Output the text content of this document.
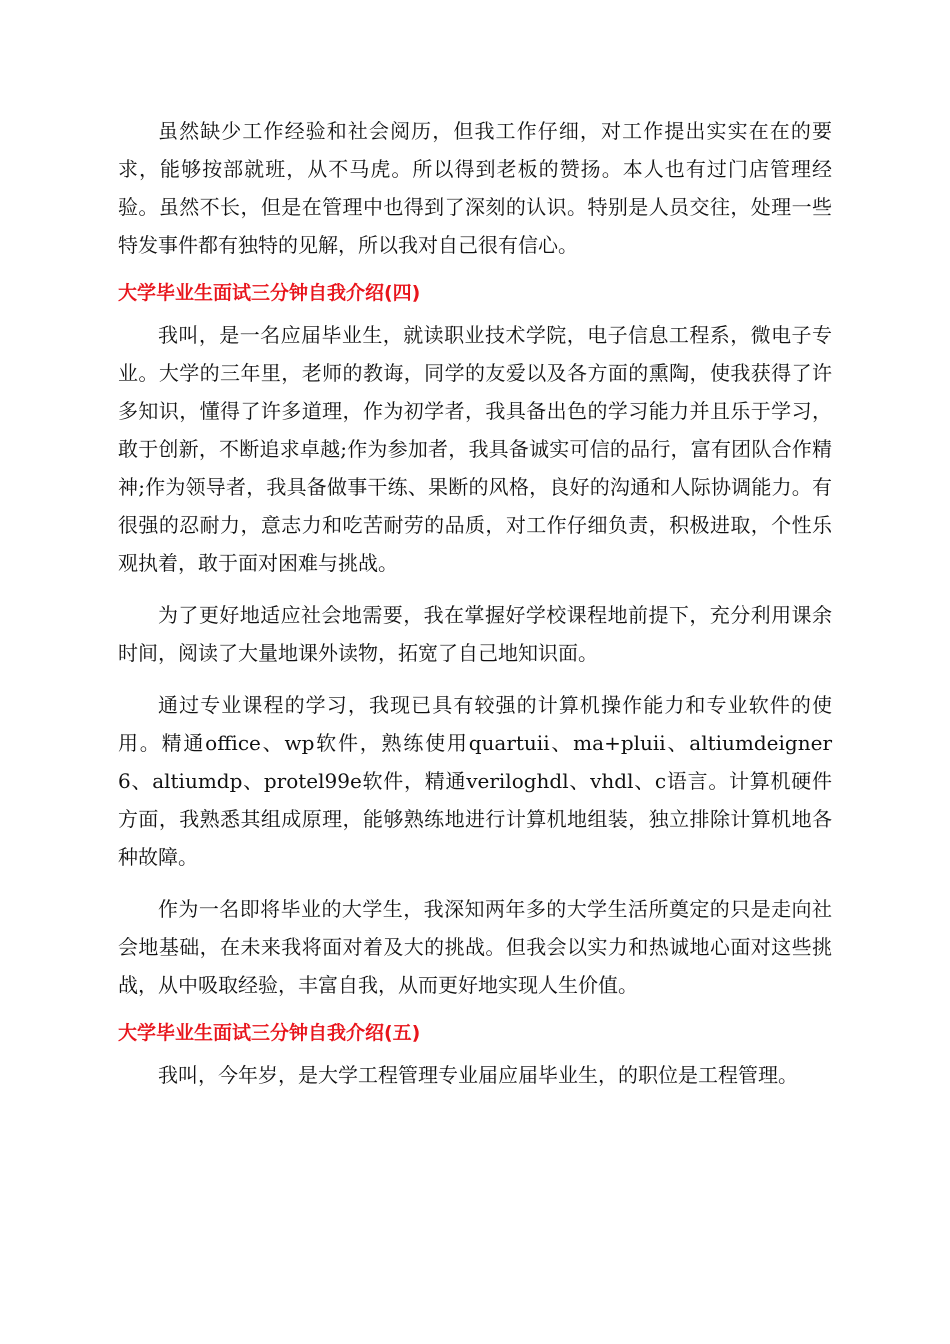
虽然缺少工作经验和社会阅历，但我工作仔细，对工作提出实实在在的要求，能够按部就班，从不马虎。所以得到老板的赞扬。本人也有过门店管理经验。虽然不长，但是在管理中也得到了深刻的认识。特别是人员交往，处理一些特发事件都有独特的见解，所以我对自己很有信心。

大学毕业生面试三分钟自我介绍(四)

我叫，是一名应届毕业生，就读职业技术学院，电子信息工程系，微电子专业。大学的三年里，老师的教诲，同学的友爱以及各方面的熏陶，使我获得了许多知识，懂得了许多道理，作为初学者，我具备出色的学习能力并且乐于学习，敢于创新，不断追求卓越;作为参加者，我具备诚实可信的品行，富有团队合作精神;作为领导者，我具备做事干练、果断的风格，良好的沟通和人际协调能力。有很强的忍耐力，意志力和吃苦耐劳的品质，对工作仔细负责，积极进取，个性乐观执着，敢于面对困难与挑战。

为了更好地适应社会地需要，我在掌握好学校课程地前提下，充分利用课余时间，阅读了大量地课外读物，拓宽了自己地知识面。

通过专业课程的学习，我现已具有较强的计算机操作能力和专业软件的使用。精通office、wp软件，熟练使用quartuii、ma+pluii、altiumdeigner6、altiumdp、protel99e软件，精通veriloghdl、vhdl、c语言。计算机硬件方面，我熟悉其组成原理，能够熟练地进行计算机地组装，独立排除计算机地各种故障。

作为一名即将毕业的大学生，我深知两年多的大学生活所奠定的只是走向社会地基础，在未来我将面对着及大的挑战。但我会以实力和热诚地心面对这些挑战，从中吸取经验，丰富自我，从而更好地实现人生价值。

大学毕业生面试三分钟自我介绍(五)

我叫，今年岁，是大学工程管理专业届应届毕业生，的职位是工程管理。
